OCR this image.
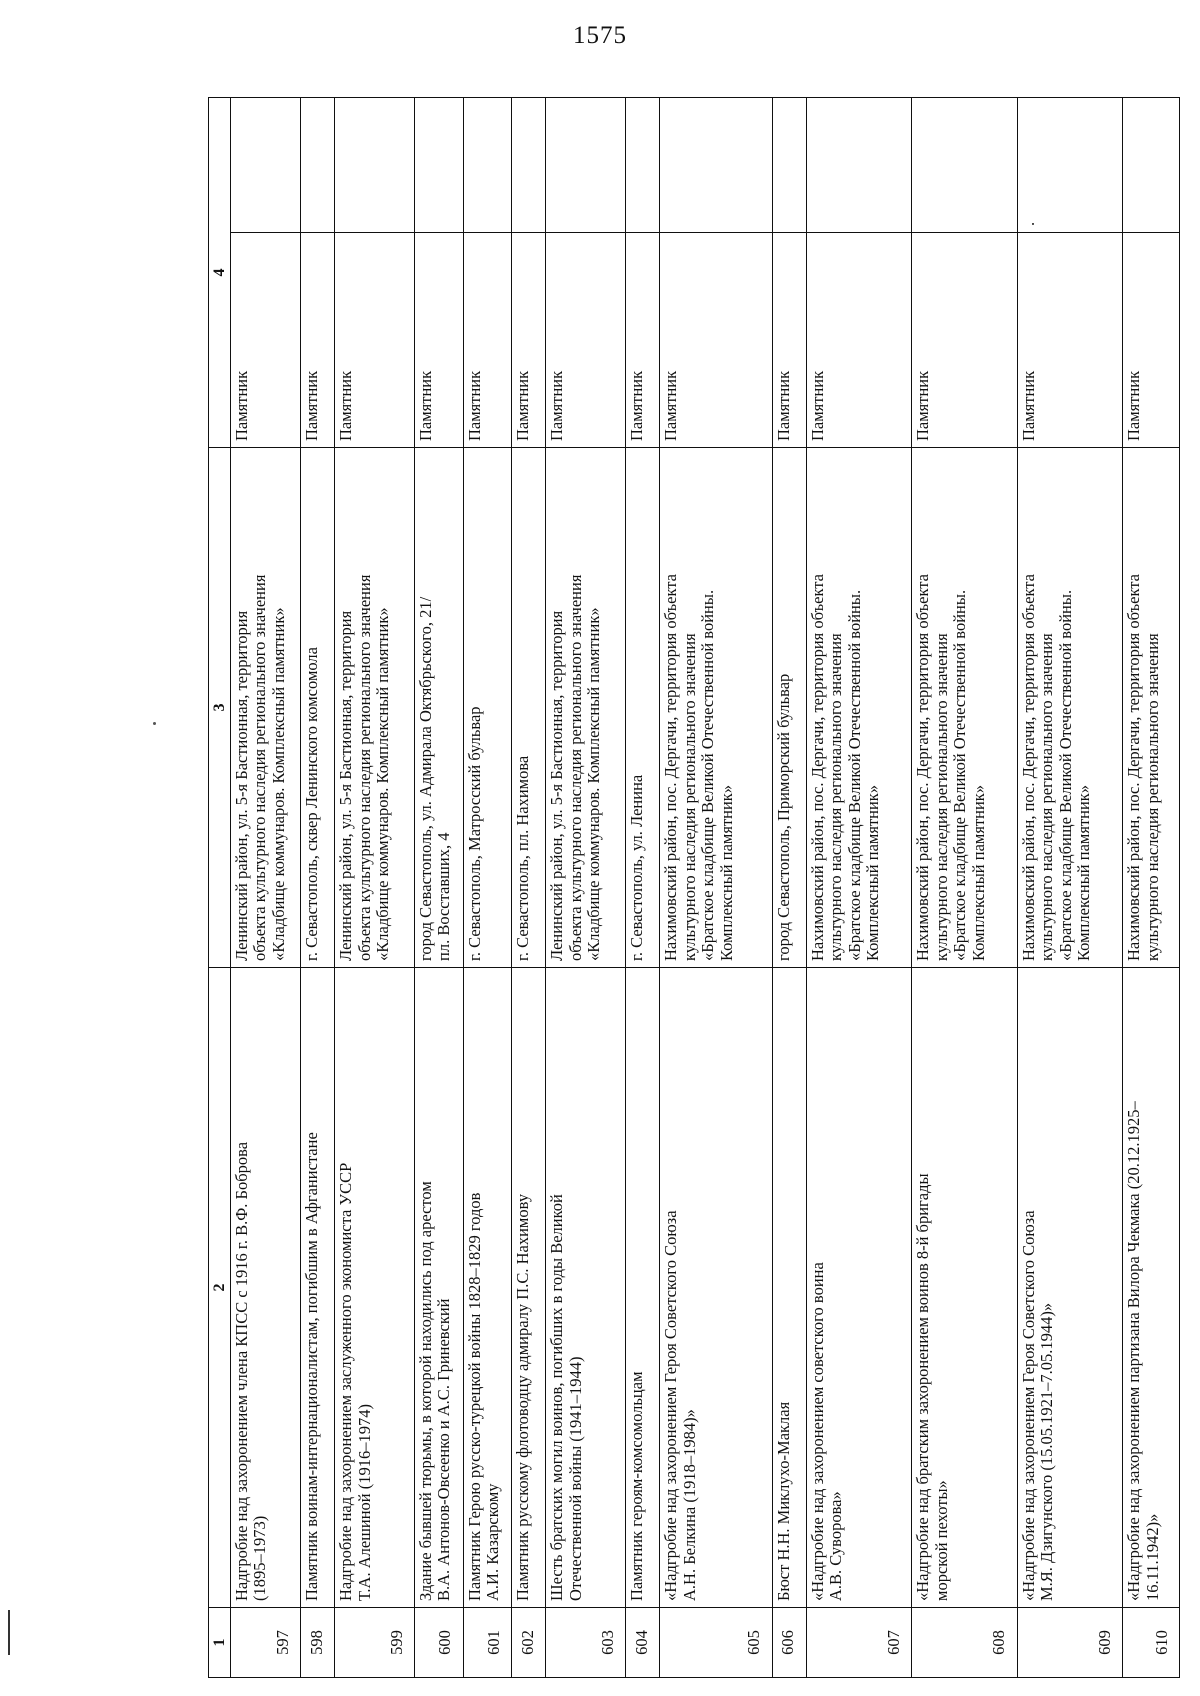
1575
1	2	3	4	
597	Надгробие над захоронением члена КПСС с 1916 г. В.Ф. Боброва
(1895–1973)	Ленинский район, ул. 5-я Бастионная, территория
объекта культурного наследия регионального значения
«Кладбище коммунаров. Комплексный памятник»	Памятник	
598	Памятник воинам-интернационалистам, погибшим в Афганистане	г. Севастополь, сквер Ленинского комсомола	Памятник	
599	Надгробие над захоронением заслуженного экономиста УССР
Т.А. Алешиной (1916–1974)	Ленинский район, ул. 5-я Бастионная, территория
объекта культурного наследия регионального значения
«Кладбище коммунаров. Комплексный памятник»	Памятник	
600	Здание бывшей тюрьмы, в которой находились под арестом
В.А. Антонов-Овсеенко и А.С. Гриневский	город Севастополь, ул. Адмирала Октябрьского, 21/
пл. Восставших, 4	Памятник	
601	Памятник Герою русско-турецкой войны 1828–1829 годов
А.И. Казарскому	г. Севастополь, Матросский бульвар	Памятник	
602	Памятник русскому флотоводцу адмиралу П.С. Нахимову	г. Севастополь, пл. Нахимова	Памятник	
603	Шесть братских могил воинов, погибших в годы Великой
Отечественной войны (1941–1944)	Ленинский район, ул. 5-я Бастионная, территория
объекта культурного наследия регионального значения
«Кладбище коммунаров. Комплексный памятник»	Памятник	
604	Памятник героям-комсомольцам	г. Севастополь, ул. Ленина	Памятник	
605	«Надгробие над захоронением Героя Советского Союза
А.Н. Белкина (1918–1984)»	Нахимовский район, пос. Дергачи, территория объекта
культурного наследия регионального значения
«Братское кладбище Великой Отечественной войны.
Комплексный памятник»	Памятник	
606	Бюст Н.Н. Миклухо-Маклая	город Севастополь, Приморский бульвар	Памятник	
607	«Надгробие над захоронением советского воина
А.В. Суворова»	Нахимовский район, пос. Дергачи, территория объекта
культурного наследия регионального значения
«Братское кладбище Великой Отечественной войны.
Комплексный памятник»	Памятник	
608	«Надгробие над братским захоронением воинов 8-й бригады
морской пехоты»	Нахимовский район, пос. Дергачи, территория объекта
культурного наследия регионального значения
«Братское кладбище Великой Отечественной войны.
Комплексный памятник»	Памятник	
609	«Надгробие над захоронением Героя Советского Союза
М.Я. Дзигунского (15.05.1921–7.05.1944)»	Нахимовский район, пос. Дергачи, территория объекта
культурного наследия регионального значения
«Братское кладбище Великой Отечественной войны.
Комплексный памятник»	Памятник	.
610	«Надгробие над захоронением партизана Вилора Чекмака (20.12.1925–
16.11.1942)»	Нахимовский район, пос. Дергачи, территория объекта
культурного наследия регионального значения	Памятник	
